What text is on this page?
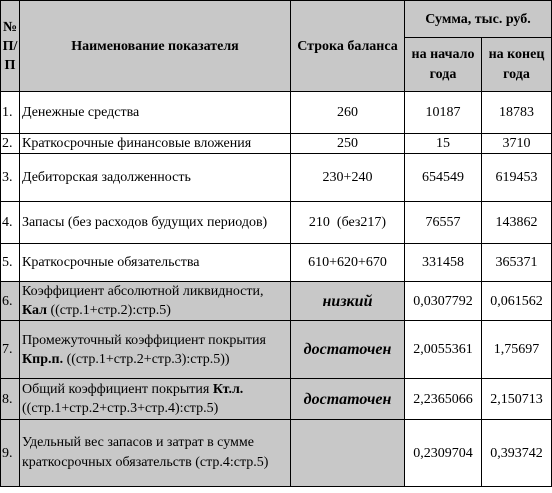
№
П/
П	Наименование показателя	Строка баланса	Сумма, тыс. руб.	
			на начало года	на конец года
1.	Денежные средства	260	10187	18783
2.	Краткосрочные финансовые вложения	250	15	3710
3.	Дебиторская задолженность	230+240	654549	619453
4.	Запасы (без расходов будущих периодов)	210  (без217)	76557	143862
5.	Краткосрочные обязательства	610+620+670	331458	365371
6.	Коэффициент абсолютной ликвидности, Кал ((стр.1+стр.2):стр.5)	низкий	0,0307792	0,061562
7.	Промежуточный коэффициент покрытия Кпр.п. ((стр.1+стр.2+стр.3):стр.5))	достаточен	2,0055361	1,75697
8.	Общий коэффициент покрытия Кт.л.((стр.1+стр.2+стр.3+стр.4):стр.5)	достаточен	2,2365066	2,150713
9.	Удельный вес запасов и затрат в сумме краткосрочных обязательств (стр.4:стр.5)		0,2309704	0,393742
